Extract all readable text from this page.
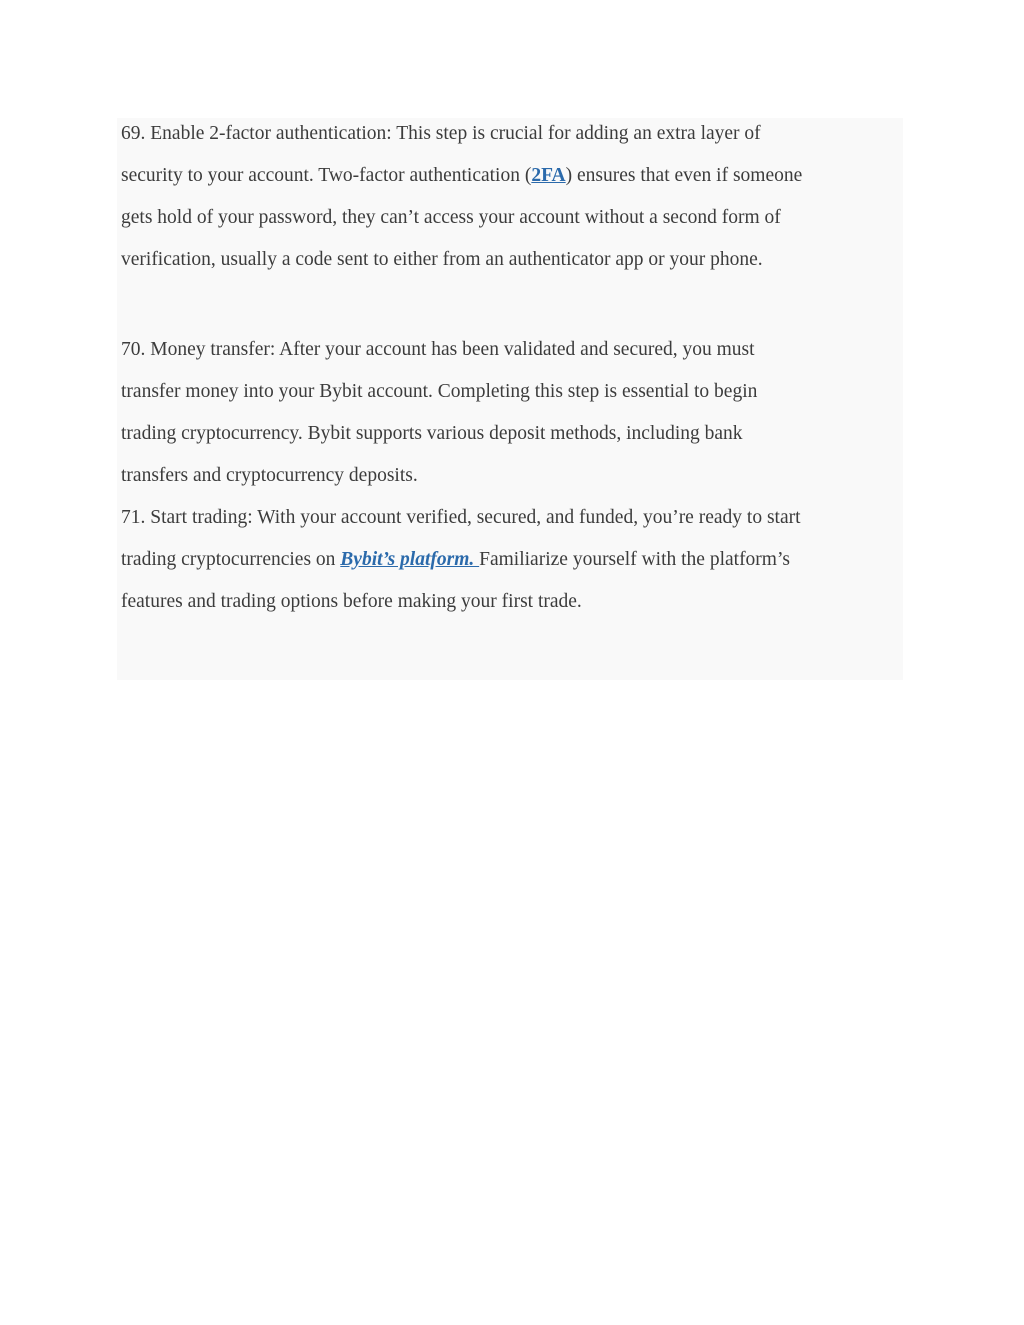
69. Enable 2-factor authentication: This step is crucial for adding an extra layer of
security to your account. Two-factor authentication (2FA) ensures that even if someone
gets hold of your password, they can’t access your account without a second form of
verification, usually a code sent to either from an authenticator app or your phone.
70. Money transfer: After your account has been validated and secured, you must
transfer money into your Bybit account. Completing this step is essential to begin
trading cryptocurrency. Bybit supports various deposit methods, including bank
transfers and cryptocurrency deposits.
71. Start trading: With your account verified, secured, and funded, you’re ready to start
trading cryptocurrencies on Bybit’s platform. Familiarize yourself with the platform’s
features and trading options before making your first trade.
